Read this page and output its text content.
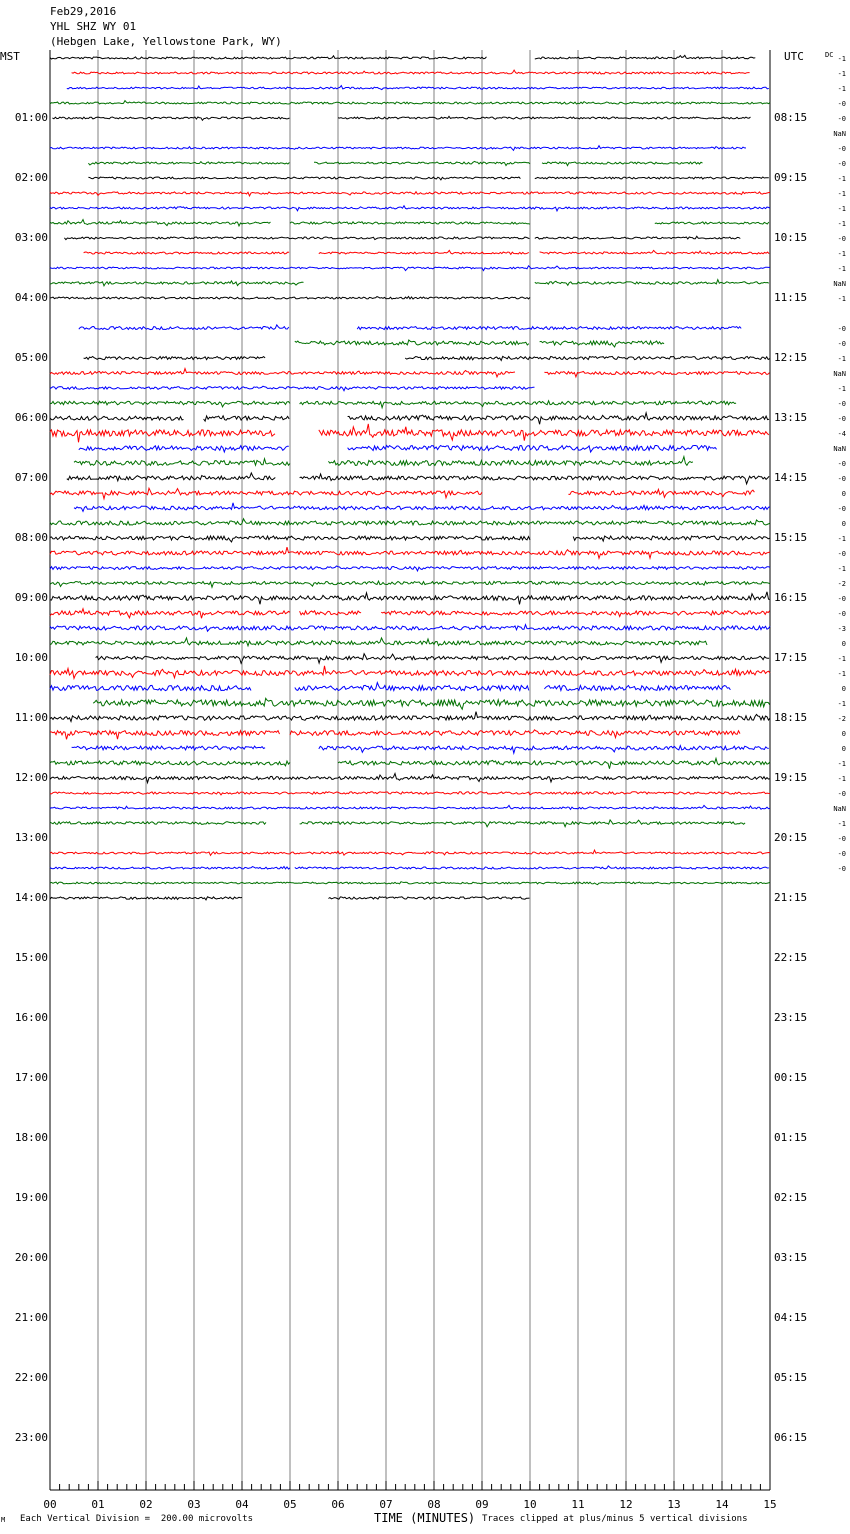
Feb29,2016
YHL SHZ WY 01
(Hebgen Lake, Yellowstone Park, WY)
00	01	02	03	04	05	06	07	08	09	10	11	12	13	14	15
01:00	08:15
02:00	09:15
03:00	10:15
04:00	11:15
05:00	12:15
06:00	13:15
07:00	14:15
08:00	15:15
09:00	16:15
10:00	17:15
11:00	18:15
12:00	19:15
13:00	20:15
14:00	21:15
15:00	22:15
16:00	23:15
17:00	00:15
18:00	01:15
19:00	02:15
20:00	03:15
21:00	04:15
22:00	05:15
23:00	06:15
-1
-1
-1
-0
-0
NaN
-0
-0
-1
-1
-1
-1
-0
-1
-1
NaN
-1
-0
-0
-1
NaN
-1
-0
-0
-4
NaN
-0
-0
0
-0
0
-1
-0
-1
-2
-0
-0
-3
0
-1
-1
0
-1
-2
0
0
-1
-1
-0
NaN
-1
-0
-0
-0
MST	UTC	DC
M Each Vertical Division =  200.00 microvolts	TIME (MINUTES) Traces clipped at plus/minus 5 vertical divisions
